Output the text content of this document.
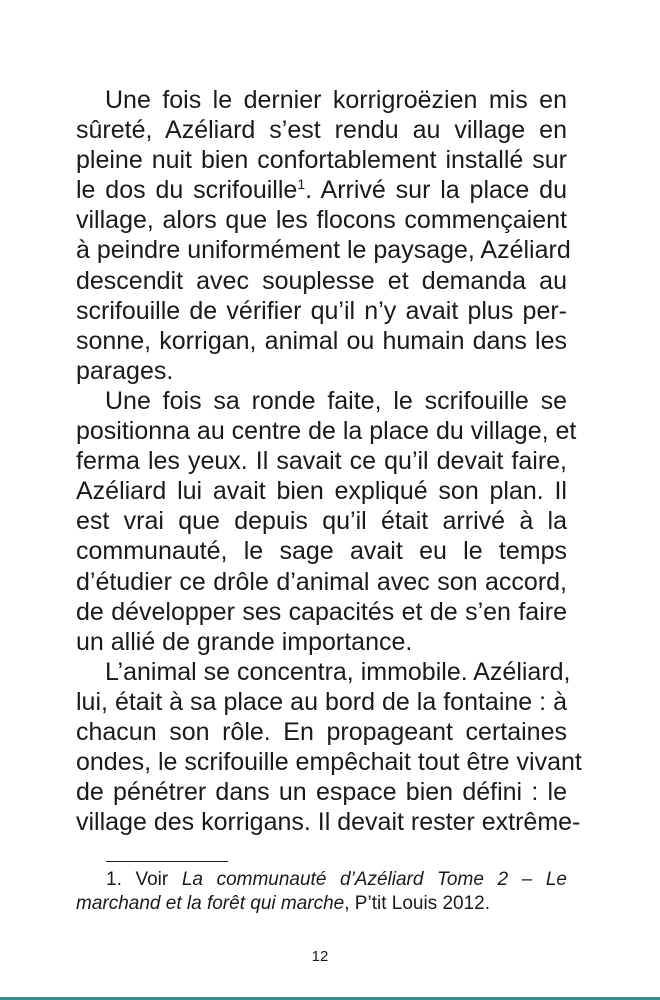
Une fois le dernier korrigroëzien mis en
sûreté, Azéliard s’est rendu au village en
pleine nuit bien confortablement installé sur
le dos du scrifouille$^1$. Arrivé sur la place du
village, alors que les flocons commençaient
à peindre uniformément le paysage, Azéliard
descendit avec souplesse et demanda au
scrifouille de vérifier qu’il n’y avait plus per-
sonne, korrigan, animal ou humain dans les
parages.
Une fois sa ronde faite, le scrifouille se
positionna au centre de la place du village, et
ferma les yeux. Il savait ce qu’il devait faire,
Azéliard lui avait bien expliqué son plan. Il
est vrai que depuis qu’il était arrivé à la
communauté, le sage avait eu le temps
d’étudier ce drôle d’animal avec son accord,
de développer ses capacités et de s’en faire
un allié de grande importance.
L’animal se concentra, immobile. Azéliard,
lui, était à sa place au bord de la fontaine : à
chacun son rôle. En propageant certaines
ondes, le scrifouille empêchait tout être vivant
de pénétrer dans un espace bien défini : le
village des korrigans. Il devait rester extrême-
1. Voir La communauté d’Azéliard Tome 2 – Le
marchand et la forêt qui marche, P’tit Louis 2012.
12
